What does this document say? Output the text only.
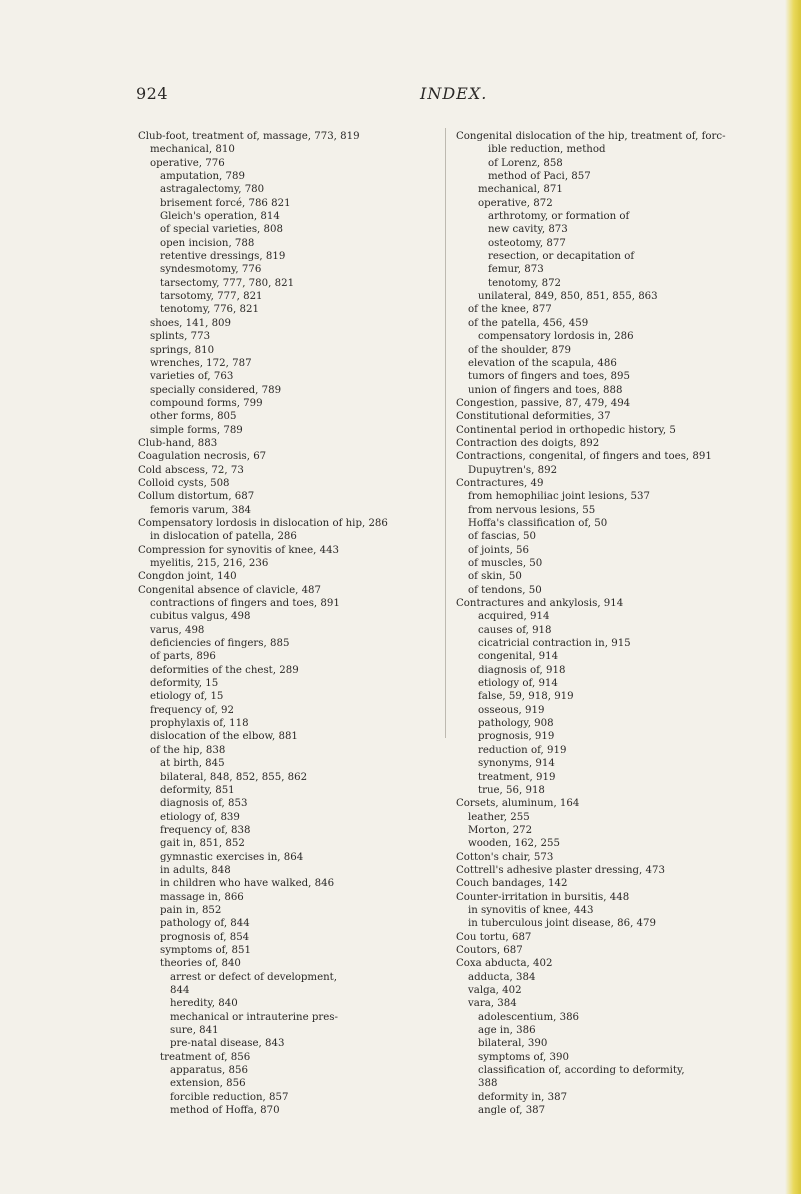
924	INDEX.
Club-foot, treatment of, massage, 773, 819
mechanical, 810
operative, 776
amputation, 789
astragalectomy, 780
brisement forcé, 786 821
Gleich's operation, 814
of special varieties, 808
open incision, 788
retentive dressings, 819
syndesmotomy, 776
tarsectomy, 777, 780, 821
tarsotomy, 777, 821
tenotomy, 776, 821
shoes, 141, 809
splints, 773
springs, 810
wrenches, 172, 787
varieties of, 763
specially considered, 789
compound forms, 799
other forms, 805
simple forms, 789
Club-hand, 883
Coagulation necrosis, 67
Cold abscess, 72, 73
Colloid cysts, 508
Collum distortum, 687
femoris varum, 384
Compensatory lordosis in dislocation of hip, 286
in dislocation of patella, 286
Compression for synovitis of knee, 443
myelitis, 215, 216, 236
Congdon joint, 140
Congenital absence of clavicle, 487
contractions of fingers and toes, 891
cubitus valgus, 498
varus, 498
deficiencies of fingers, 885
of parts, 896
deformities of the chest, 289
deformity, 15
etiology of, 15
frequency of, 92
prophylaxis of, 118
dislocation of the elbow, 881
of the hip, 838
at birth, 845
bilateral, 848, 852, 855, 862
deformity, 851
diagnosis of, 853
etiology of, 839
frequency of, 838
gait in, 851, 852
gymnastic exercises in, 864
in adults, 848
in children who have walked, 846
massage in, 866
pain in, 852
pathology of, 844
prognosis of, 854
symptoms of, 851
theories of, 840
arrest or defect of development,
844
heredity, 840
mechanical or intrauterine pres-
sure, 841
pre-natal disease, 843
treatment of, 856
apparatus, 856
extension, 856
forcible reduction, 857
method of Hoffa, 870
Congenital dislocation of the hip, treatment of, forc-
ible reduction, method
of Lorenz, 858
method of Paci, 857
mechanical, 871
operative, 872
arthrotomy, or formation of
new cavity, 873
osteotomy, 877
resection, or decapitation of
femur, 873
tenotomy, 872
unilateral, 849, 850, 851, 855, 863
of the knee, 877
of the patella, 456, 459
compensatory lordosis in, 286
of the shoulder, 879
elevation of the scapula, 486
tumors of fingers and toes, 895
union of fingers and toes, 888
Congestion, passive, 87, 479, 494
Constitutional deformities, 37
Continental period in orthopedic history, 5
Contraction des doigts, 892
Contractions, congenital, of fingers and toes, 891
Dupuytren's, 892
Contractures, 49
from hemophiliac joint lesions, 537
from nervous lesions, 55
Hoffa's classification of, 50
of fascias, 50
of joints, 56
of muscles, 50
of skin, 50
of tendons, 50
Contractures and ankylosis, 914
acquired, 914
causes of, 918
cicatricial contraction in, 915
congenital, 914
diagnosis of, 918
etiology of, 914
false, 59, 918, 919
osseous, 919
pathology, 908
prognosis, 919
reduction of, 919
synonyms, 914
treatment, 919
true, 56, 918
Corsets, aluminum, 164
leather, 255
Morton, 272
wooden, 162, 255
Cotton's chair, 573
Cottrell's adhesive plaster dressing, 473
Couch bandages, 142
Counter-irritation in bursitis, 448
in synovitis of knee, 443
in tuberculous joint disease, 86, 479
Cou tortu, 687
Coutors, 687
Coxa abducta, 402
adducta, 384
valga, 402
vara, 384
adolescentium, 386
age in, 386
bilateral, 390
symptoms of, 390
classification of, according to deformity,
388
deformity in, 387
angle of, 387
